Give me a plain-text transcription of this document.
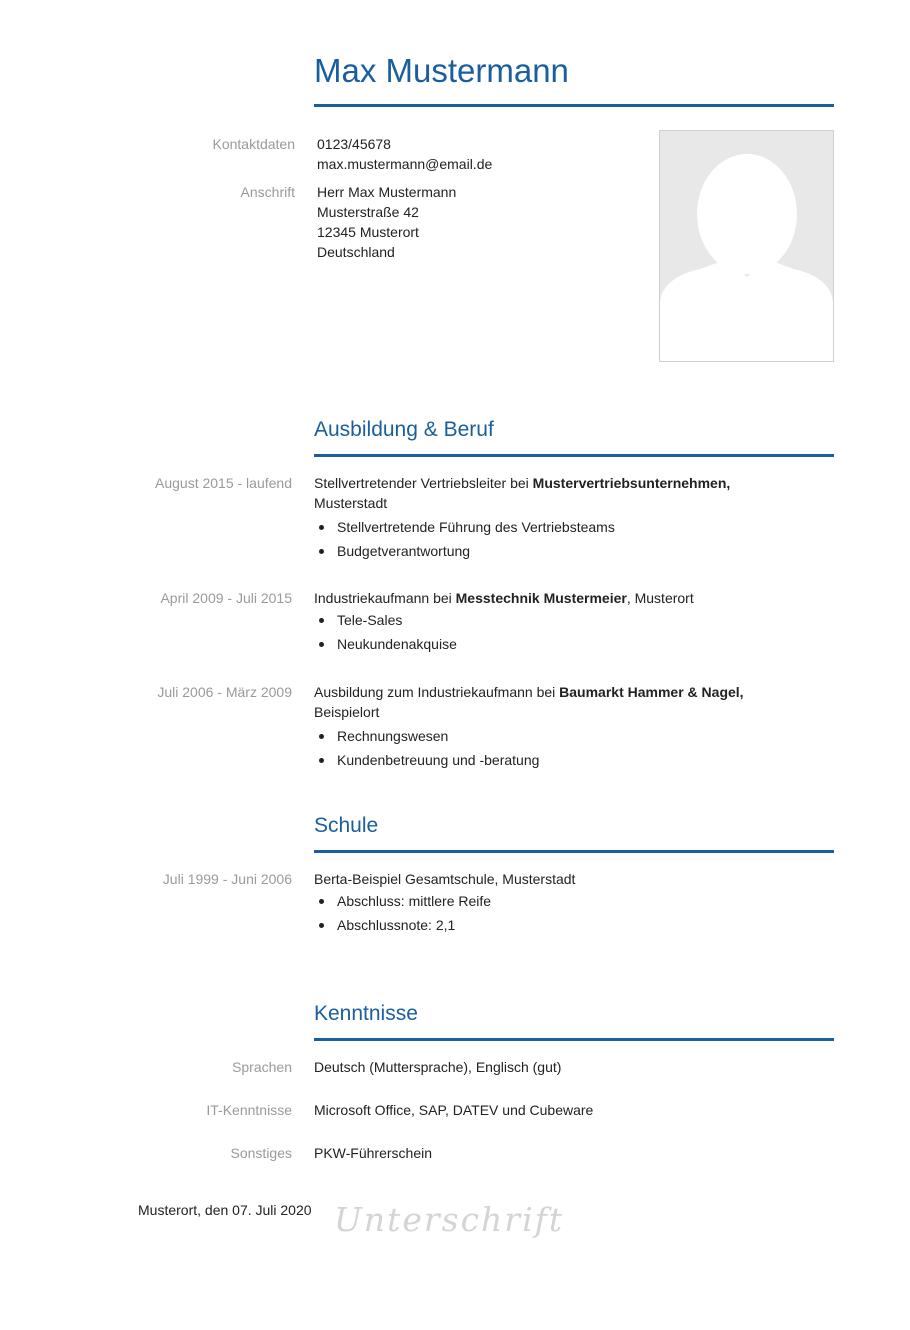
Max Mustermann
Kontaktdaten 0123/45678
max.mustermann@email.de
Anschrift Herr Max Mustermann
Musterstraße 42
12345 Musterort
Deutschland
Ausbildung & Beruf
August 2015 - laufend Stellvertretender Vertriebsleiter bei Mustervertriebsunternehmen,
Musterstadt
Stellvertretende Führung des Vertriebsteams
Budgetverantwortung
April 2009 - Juli 2015 Industriekaufmann bei Messtechnik Mustermeier, Musterort
Tele-Sales
Neukundenakquise
Juli 2006 - März 2009 Ausbildung zum Industriekaufmann bei Baumarkt Hammer & Nagel,
Beispielort
Rechnungswesen
Kundenbetreuung und -beratung
Schule
Juli 1999 - Juni 2006 Berta-Beispiel Gesamtschule, Musterstadt
Abschluss: mittlere Reife
Abschlussnote: 2,1
Kenntnisse
Sprachen Deutsch (Muttersprache), Englisch (gut)
IT-Kenntnisse Microsoft Office, SAP, DATEV und Cubeware
Sonstiges PKW-Führerschein
Musterort, den 07. Juli 2020 Unterschrift
